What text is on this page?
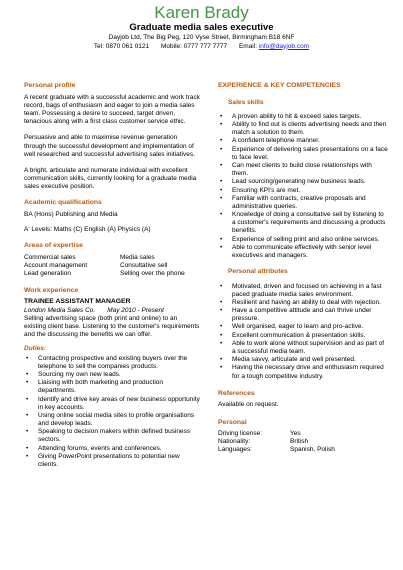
Karen Brady
Graduate media sales executive
Dayjob Ltd, The Big Peg, 120 Vyse Street, Birmingham B18 6NF
Tel: 0870 061 0121 Mobile: 0777 777 7777 Email: info@dayjob.com
Personal profile
A recent graduate with a successful academic and work track record, bags of enthusiasm and eager to join a media sales team. Possessing a desire to succeed, target driven, tenacious along with a first class customer service ethic.
Persuasive and able to maximise revenue generation through the successful development and implementation of well researched and successful advertising sales initiatives.
A bright, articulate and numerate individual with excellent communication skills, currently looking for a graduate media sales executive position.
Academic qualifications
BA (Hons) Publishing and Media
A' Levels: Maths (C) English (A) Physics (A)
Areas of expertise
Commercial sales	Media sales
Account management	Consultative sell
Lead generation	Selling over the phone
Work experience
TRAINEE ASSISTANT MANAGER
London Media Sales Co. May 2010 - Present
Selling advertising space (both print and online) to an existing client base. Listening to the customer's requirements and the discussing the benefits we can offer.
Duties:
• Contacting prospective and existing buyers over the telephone to sell the companies products.
• Sourcing my own new leads.
• Liaising with both marketing and production departments.
• Identify and drive key areas of new business opportunity in key accounts.
• Using online social media sites to profile organisations and develop leads.
• Speaking to decision makers within defined business sectors.
• Attending forums, events and conferences.
• Giving PowerPoint presentations to potential new clients.
EXPERIENCE & KEY COMPETENCIES
Sales skills
• A proven ability to hit & exceed sales targets.
• Ability to find out is clients advertising needs and then match a solution to them.
• A confident telephone manner.
• Experience of delivering sales presentations on a face to face level.
• Can meet clients to build close relationships with them.
• Lead sourcing/generating new business leads.
• Ensuring KPI's are met.
• Familiar with contracts, creative proposals and administrative queries.
• Knowledge of doing a consultative sell by listening to a customer's requirements and discussing a products benefits.
• Experience of selling print and also online services.
• Able to communicate effectively with senior level executives and managers.
Personal attributes
• Motivated, driven and focused on achieving in a fast paced graduate media sales environment.
• Resilient and having an ability to deal with rejection.
• Have a competitive attitude and can thrive under pressure.
• Well organised, eager to learn and pro-active.
• Excellent communication & presentation skills.
• Able to work alone without supervision and as part of a successful media team.
• Media savvy, articulate and well presented.
• Having the necessary drive and enthusiasm required for a tough competitive industry.
References
Available on request.
Personal
Driving license:	Yes
Nationality:	British
Languages:	Spanish, Polish
